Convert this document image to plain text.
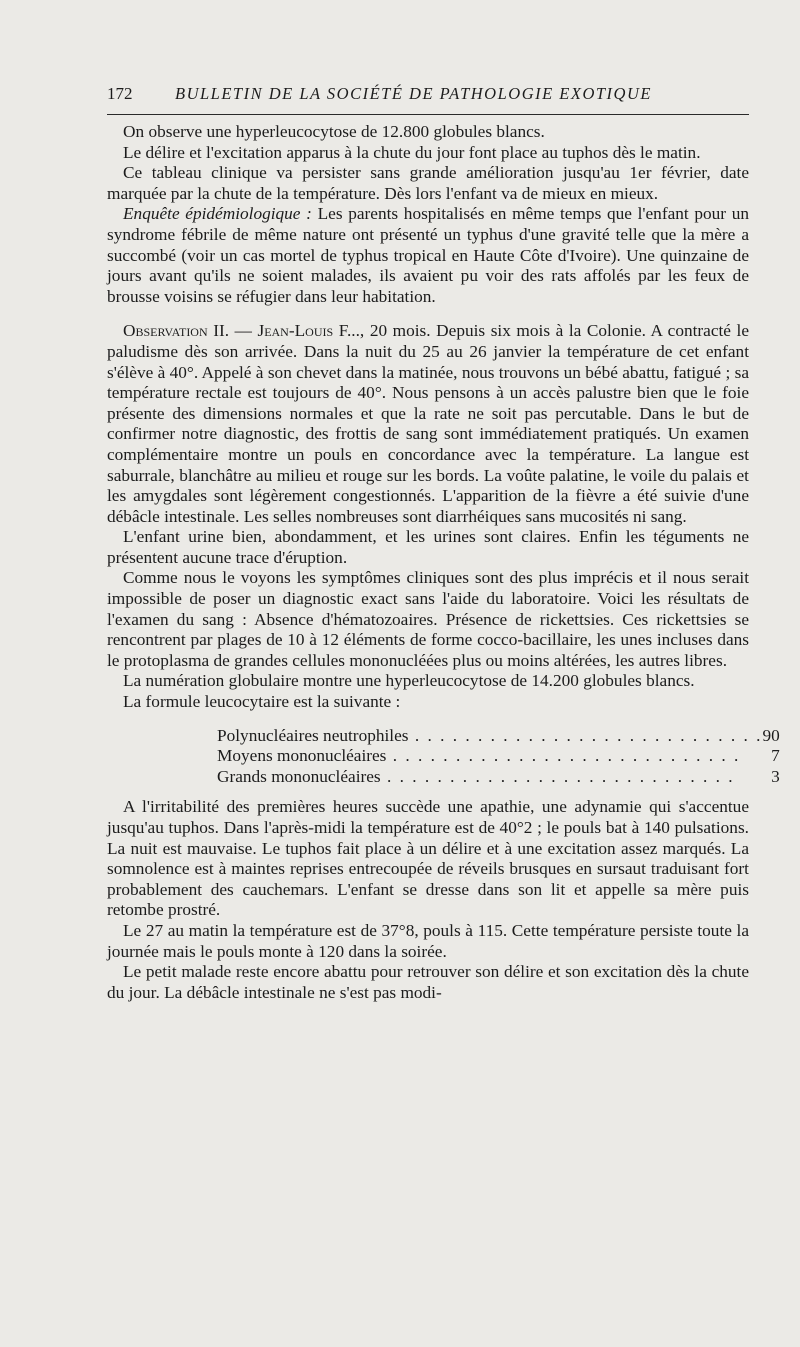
172	BULLETIN DE LA SOCIÉTÉ DE PATHOLOGIE EXOTIQUE

On observe une hyperleucocytose de 12.800 globules blancs.

Le délire et l'excitation apparus à la chute du jour font place au tuphos dès le matin.

Ce tableau clinique va persister sans grande amélioration jusqu'au 1er février, date marquée par la chute de la température. Dès lors l'enfant va de mieux en mieux.

Enquête épidémiologique : Les parents hospitalisés en même temps que l'enfant pour un syndrome fébrile de même nature ont présenté un typhus d'une gravité telle que la mère a succombé (voir un cas mortel de typhus tropical en Haute Côte d'Ivoire). Une quinzaine de jours avant qu'ils ne soient malades, ils avaient pu voir des rats affolés par les feux de brousse voisins se réfugier dans leur habitation.

Observation II. — Jean-Louis F..., 20 mois. Depuis six mois à la Colonie. A contracté le paludisme dès son arrivée. Dans la nuit du 25 au 26 janvier la température de cet enfant s'élève à 40°. Appelé à son chevet dans la matinée, nous trouvons un bébé abattu, fatigué ; sa température rectale est toujours de 40°. Nous pensons à un accès palustre bien que le foie présente des dimensions normales et que la rate ne soit pas percutable. Dans le but de confirmer notre diagnostic, des frottis de sang sont immédiatement pratiqués. Un examen complémentaire montre un pouls en concordance avec la température. La langue est saburrale, blanchâtre au milieu et rouge sur les bords. La voûte palatine, le voile du palais et les amygdales sont légèrement congestionnés. L'apparition de la fièvre a été suivie d'une débâcle intestinale. Les selles nombreuses sont diarrhéiques sans mucosités ni sang.

L'enfant urine bien, abondamment, et les urines sont claires. Enfin les téguments ne présentent aucune trace d'éruption.

Comme nous le voyons les symptômes cliniques sont des plus imprécis et il nous serait impossible de poser un diagnostic exact sans l'aide du laboratoire. Voici les résultats de l'examen du sang : Absence d'hématozoaires. Présence de rickettsies. Ces rickettsies se rencontrent par plages de 10 à 12 éléments de forme cocco-bacillaire, les unes incluses dans le protoplasma de grandes cellules mononucléées plus ou moins altérées, les autres libres.

La numération globulaire montre une hyperleucocytose de 14.200 globules blancs.

La formule leucocytaire est la suivante :

Polynucléaires neutrophiles . . .	90
Moyens mononucléaires . . .	7
Grands mononucléaires . . .	3

A l'irritabilité des premières heures succède une apathie, une adynamie qui s'accentue jusqu'au tuphos. Dans l'après-midi la température est de 40°2 ; le pouls bat à 140 pulsations. La nuit est mauvaise. Le tuphos fait place à un délire et à une excitation assez marqués. La somnolence est à maintes reprises entrecoupée de réveils brusques en sursaut traduisant fort probablement des cauchemars. L'enfant se dresse dans son lit et appelle sa mère puis retombe prostré.

Le 27 au matin la température est de 37°8, pouls à 115. Cette température persiste toute la journée mais le pouls monte à 120 dans la soirée.

Le petit malade reste encore abattu pour retrouver son délire et son excitation dès la chute du jour. La débâcle intestinale ne s'est pas modi-
